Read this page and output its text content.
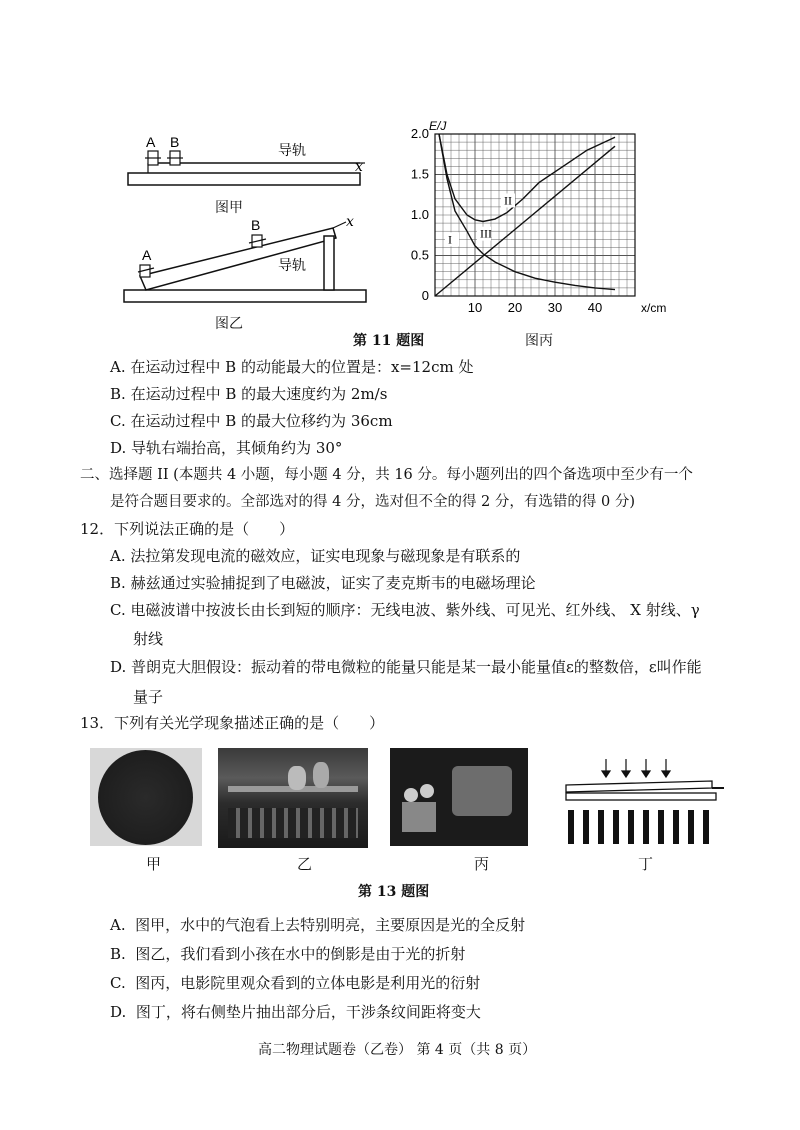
A B
导轨
x
图甲
A
B
导轨
x
图乙
0
0.5
1.0
1.5
2.0
10 20 30 40
E/J
x/cm
I
II
III
第 11 题图	图丙
A. 在运动过程中 B 的动能最大的位置是：x=12cm 处
B. 在运动过程中 B 的最大速度约为 2m/s
C. 在运动过程中 B 的最大位移约为 36cm
D. 导轨右端抬高，其倾角约为 30°
二、选择题 II (本题共 4 小题，每小题 4 分，共 16 分。每小题列出的四个备选项中至少有一个
是符合题目要求的。全部选对的得 4 分，选对但不全的得 2 分，有选错的得 0 分)
12．下列说法正确的是（　　）
A. 法拉第发现电流的磁效应，证实电现象与磁现象是有联系的
B. 赫兹通过实验捕捉到了电磁波，证实了麦克斯韦的电磁场理论
C. 电磁波谱中按波长由长到短的顺序：无线电波、紫外线、可见光、红外线、 X 射线、γ
射线
D. 普朗克大胆假设：振动着的带电微粒的能量只能是某一最小能量值ε的整数倍，ε叫作能
量子
13．下列有关光学现象描述正确的是（　　）
甲	乙	丙	丁
第 13 题图
A. 图甲，水中的气泡看上去特别明亮，主要原因是光的全反射
B. 图乙，我们看到小孩在水中的倒影是由于光的折射
C. 图丙，电影院里观众看到的立体电影是利用光的衍射
D. 图丁，将右侧垫片抽出部分后，干涉条纹间距将变大
高二物理试题卷（乙卷） 第 4 页（共 8 页）
